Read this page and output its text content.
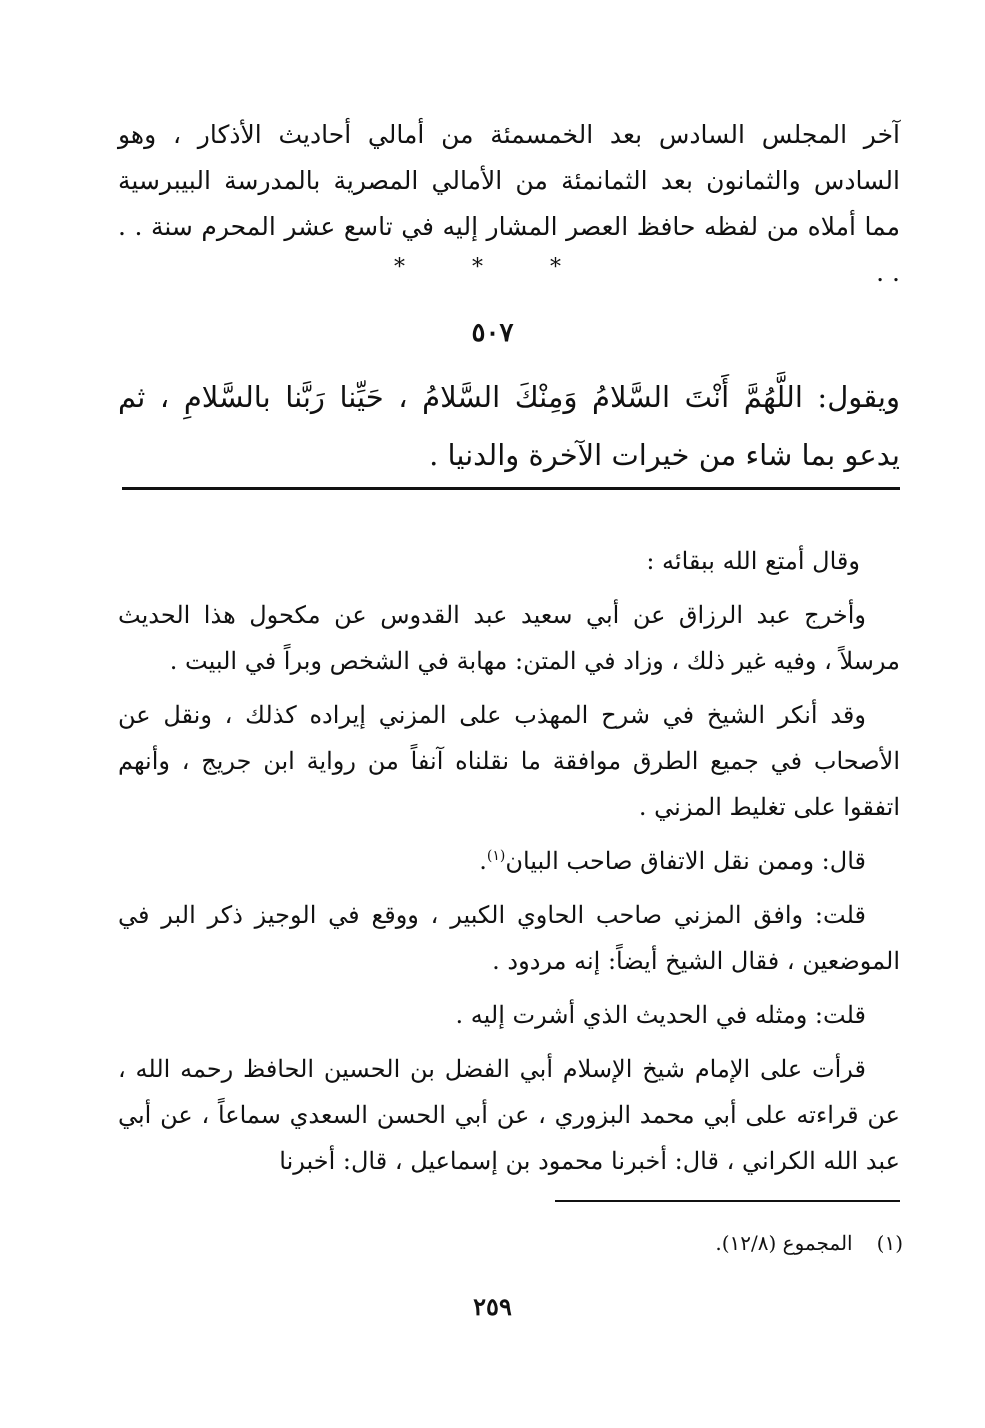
آخر المجلس السادس بعد الخمسمئة من أمالي أحاديث الأذكار ، وهو السادس والثمانون بعد الثمانمئة من الأمالي المصرية بالمدرسة البيبرسية مما أملاه من لفظه حافظ العصر المشار إليه في تاسع عشر المحرم سنة . . . .
* * *
٥٠٧
ويقول: اللَّهُمَّ أَنْتَ السَّلامُ وَمِنْكَ السَّلامُ ، حَيِّنا رَبَّنا بالسَّلامِ ، ثم يدعو بما شاء من خيرات الآخرة والدنيا .

وقال أمتع الله ببقائه :

وأخرج عبد الرزاق عن أبي سعيد عبد القدوس عن مكحول هذا الحديث مرسلاً ، وفيه غير ذلك ، وزاد في المتن: مهابة في الشخص وبراً في البيت .

وقد أنكر الشيخ في شرح المهذب على المزني إيراده كذلك ، ونقل عن الأصحاب في جميع الطرق موافقة ما نقلناه آنفاً من رواية ابن جريج ، وأنهم اتفقوا على تغليط المزني .

قال: وممن نقل الاتفاق صاحب البيان$^{(١)}$.

قلت: وافق المزني صاحب الحاوي الكبير ، ووقع في الوجيز ذكر البر في الموضعين ، فقال الشيخ أيضاً: إنه مردود .

قلت: ومثله في الحديث الذي أشرت إليه .

قرأت على الإمام شيخ الإسلام أبي الفضل بن الحسين الحافظ رحمه الله ، عن قراءته على أبي محمد البزوري ، عن أبي الحسن السعدي سماعاً ، عن أبي عبد الله الكراني ، قال: أخبرنا محمود بن إسماعيل ، قال: أخبرنا

(١)المجموع (١٢/٨).
٢٥٩
